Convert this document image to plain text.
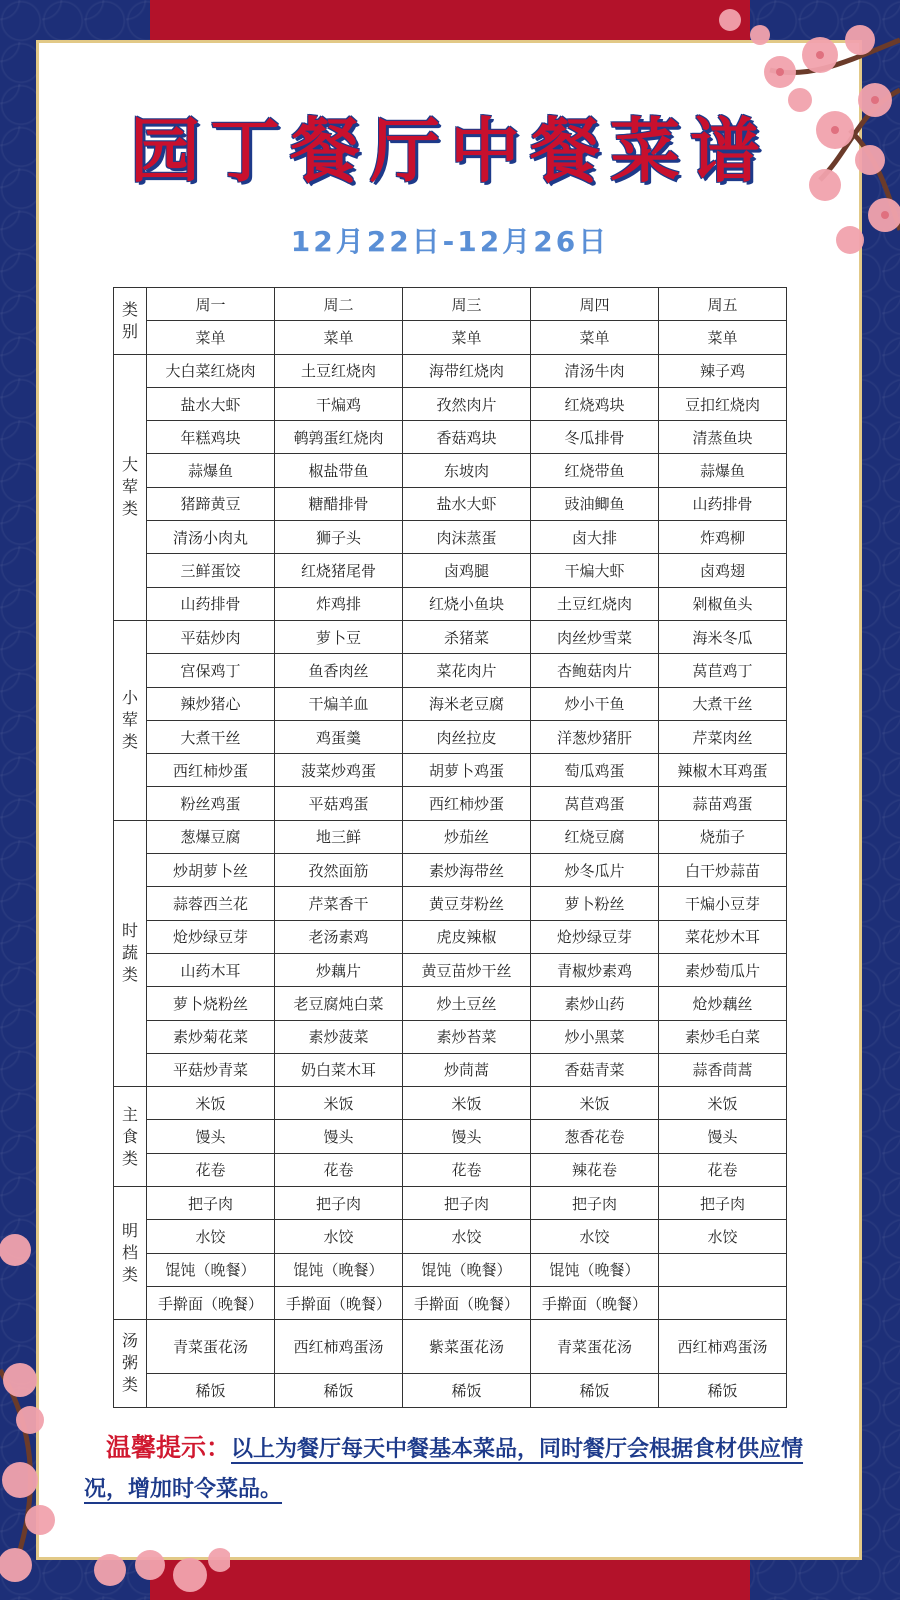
园丁餐厅中餐菜谱
12月22日-12月26日
类
别	周一	周二	周三	周四	周五
	菜单	菜单	菜单	菜单	菜单

大
荤
类	大白菜红烧肉	土豆红烧肉	海带红烧肉	清汤牛肉	辣子鸡
	盐水大虾	干煸鸡	孜然肉片	红烧鸡块	豆扣红烧肉
	年糕鸡块	鹌鹑蛋红烧肉	香菇鸡块	冬瓜排骨	清蒸鱼块
	蒜爆鱼	椒盐带鱼	东坡肉	红烧带鱼	蒜爆鱼
	猪蹄黄豆	糖醋排骨	盐水大虾	豉油鲫鱼	山药排骨
	清汤小肉丸	狮子头	肉沫蒸蛋	卤大排	炸鸡柳
	三鲜蛋饺	红烧猪尾骨	卤鸡腿	干煸大虾	卤鸡翅
	山药排骨	炸鸡排	红烧小鱼块	土豆红烧肉	剁椒鱼头

小
荤
类	平菇炒肉	萝卜豆	杀猪菜	肉丝炒雪菜	海米冬瓜
	宫保鸡丁	鱼香肉丝	菜花肉片	杏鲍菇肉片	莴苣鸡丁
	辣炒猪心	干煸羊血	海米老豆腐	炒小干鱼	大煮干丝
	大煮干丝	鸡蛋羹	肉丝拉皮	洋葱炒猪肝	芹菜肉丝
	西红柿炒蛋	菠菜炒鸡蛋	胡萝卜鸡蛋	萄瓜鸡蛋	辣椒木耳鸡蛋
	粉丝鸡蛋	平菇鸡蛋	西红柿炒蛋	莴苣鸡蛋	蒜苗鸡蛋

时
蔬
类	葱爆豆腐	地三鲜	炒茄丝	红烧豆腐	烧茄子
	炒胡萝卜丝	孜然面筋	素炒海带丝	炒冬瓜片	白干炒蒜苗
	蒜蓉西兰花	芹菜香干	黄豆芽粉丝	萝卜粉丝	干煸小豆芽
	炝炒绿豆芽	老汤素鸡	虎皮辣椒	炝炒绿豆芽	菜花炒木耳
	山药木耳	炒藕片	黄豆苗炒干丝	青椒炒素鸡	素炒萄瓜片
	萝卜烧粉丝	老豆腐炖白菜	炒土豆丝	素炒山药	炝炒藕丝
	素炒菊花菜	素炒菠菜	素炒苔菜	炒小黑菜	素炒毛白菜
	平菇炒青菜	奶白菜木耳	炒茼蒿	香菇青菜	蒜香茼蒿

主
食
类	米饭	米饭	米饭	米饭	米饭
	馒头	馒头	馒头	葱香花卷	馒头
	花卷	花卷	花卷	辣花卷	花卷

明
档
类	把子肉	把子肉	把子肉	把子肉	把子肉
	水饺	水饺	水饺	水饺	水饺
	馄饨（晚餐）	馄饨（晚餐）	馄饨（晚餐）	馄饨（晚餐）	
	手擀面（晚餐）	手擀面（晚餐）	手擀面（晚餐）	手擀面（晚餐）	

汤
粥
类	青菜蛋花汤	西红柿鸡蛋汤	紫菜蛋花汤	青菜蛋花汤	西红柿鸡蛋汤
	稀饭	稀饭	稀饭	稀饭	稀饭
温馨提示：以上为餐厅每天中餐基本菜品，同时餐厅会根据食材供应情况，增加时令菜品。
